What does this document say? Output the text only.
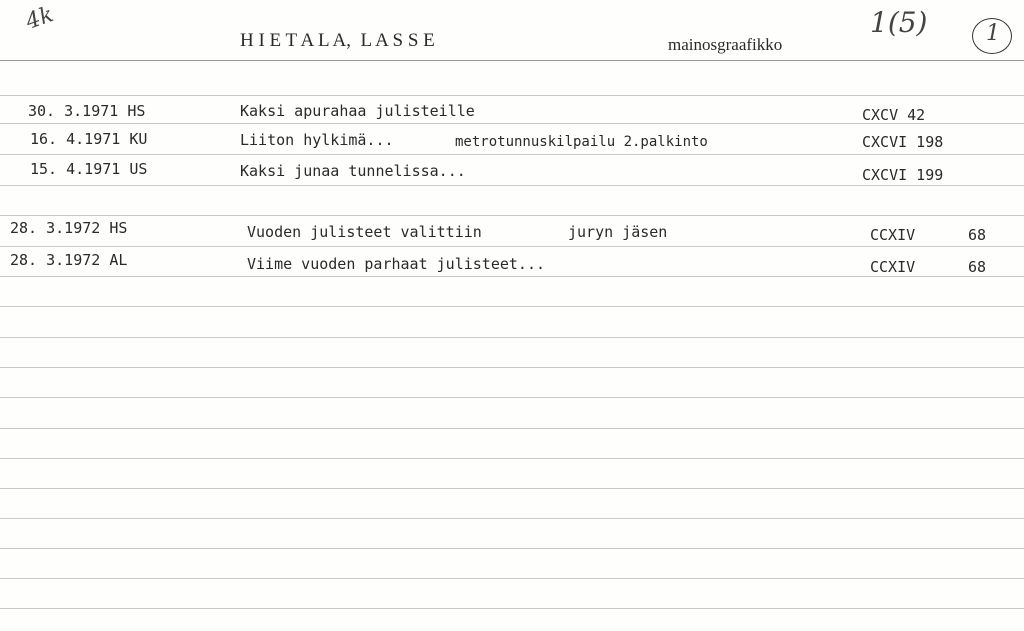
4k
H I E T A L A,  L A S S E	mainosgraafikko
1(5)	1
30. 3.1971 HS	Kaksi apurahaa julisteille	CXCV 42
16. 4.1971 KU	Liiton hylkimä...	metrotunnuskilpailu 2.palkinto	CXCVI 198
15. 4.1971 US	Kaksi junaa tunnelissa...	CXCVI 199
28. 3.1972 HS	Vuoden julisteet valittiin	juryn jäsen	CCXIV	68
28. 3.1972 AL	Viime vuoden parhaat julisteet...	CCXIV	68
